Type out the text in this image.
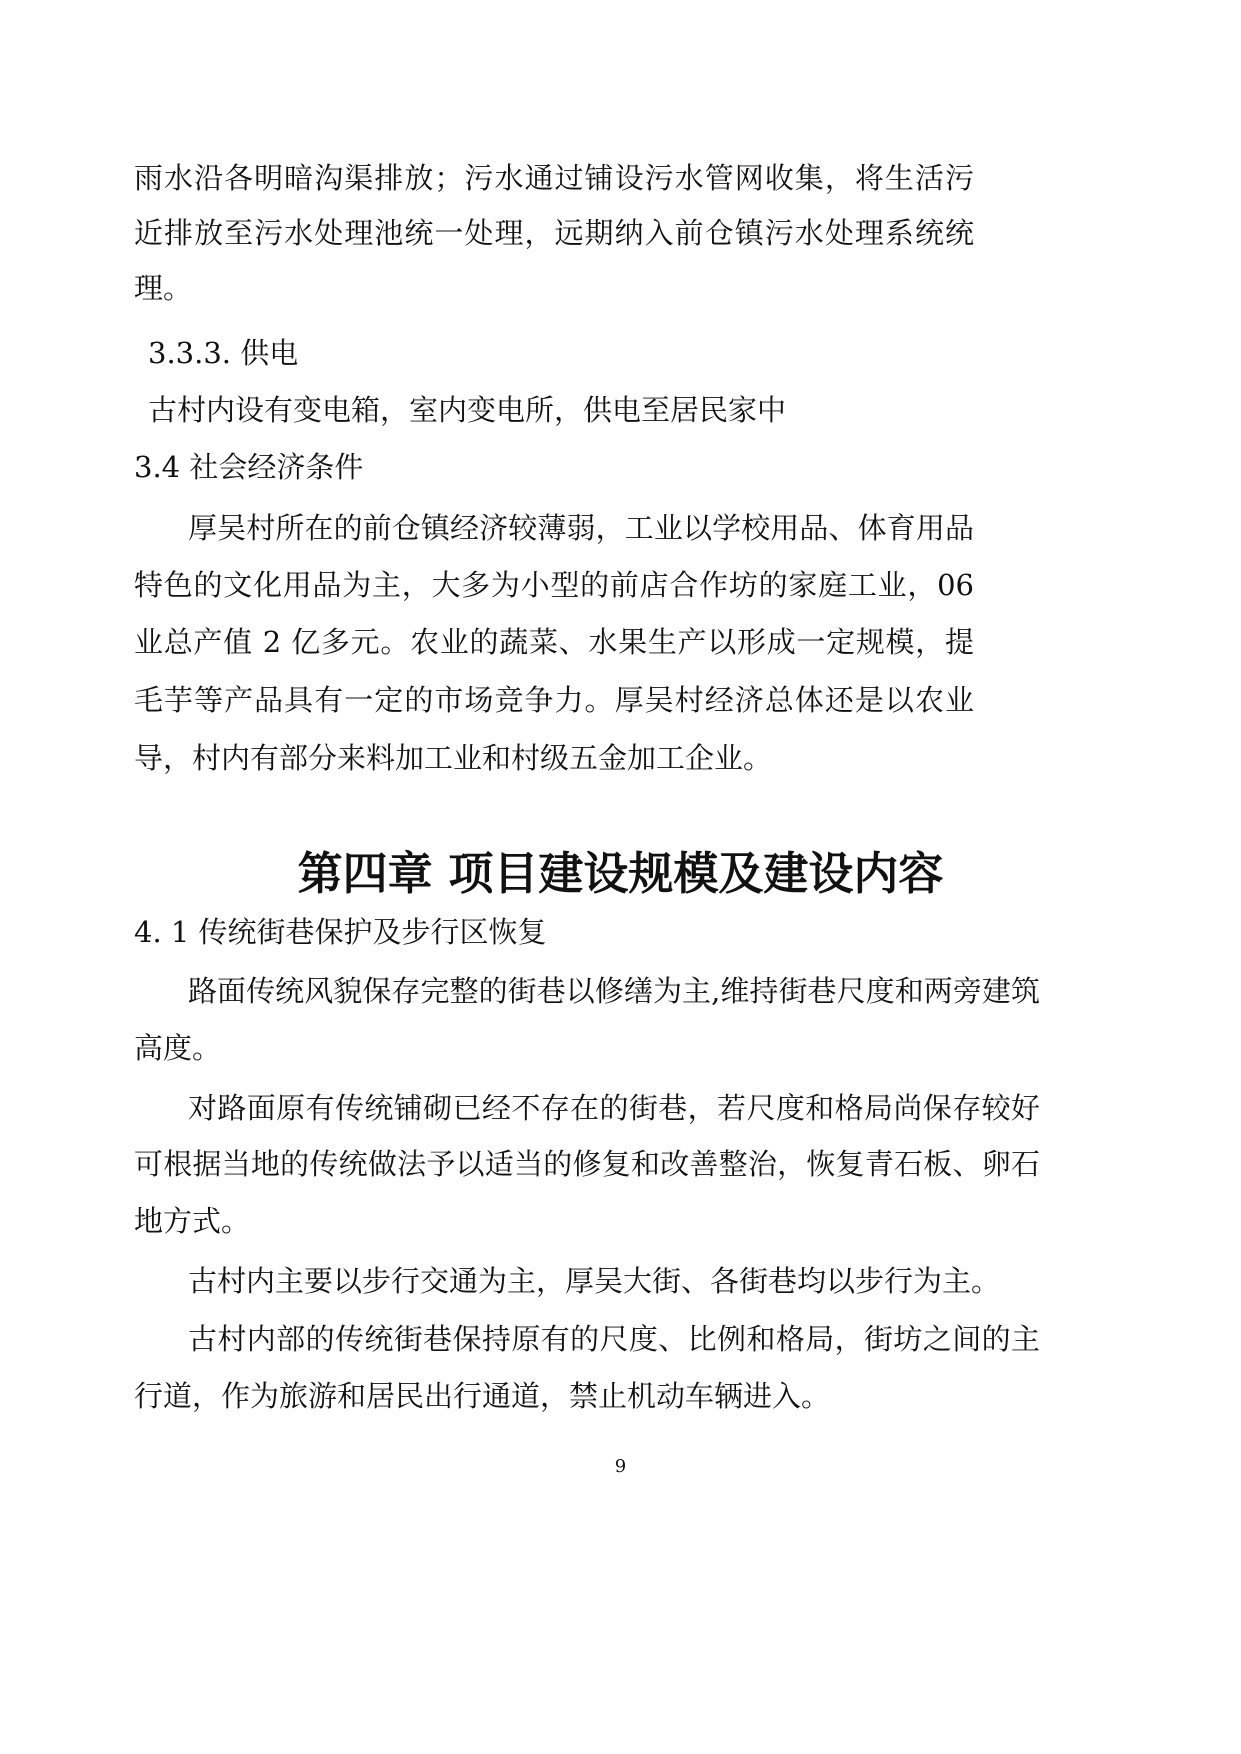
雨水沿各明暗沟渠排放；污水通过铺设污水管网收集，将生活污
近排放至污水处理池统一处理，远期纳入前仓镇污水处理系统统
理。
3.3.3. 供电
古村内设有变电箱，室内变电所，供电至居民家中
3.4 社会经济条件
厚吴村所在的前仓镇经济较薄弱，工业以学校用品、体育用品
特色的文化用品为主，大多为小型的前店合作坊的家庭工业，06
业总产值 2 亿多元。农业的蔬菜、水果生产以形成一定规模，提
毛芋等产品具有一定的市场竞争力。厚吴村经济总体还是以农业
导，村内有部分来料加工业和村级五金加工企业。
第四章 项目建设规模及建设内容
4. 1 传统街巷保护及步行区恢复
路面传统风貌保存完整的街巷以修缮为主,维持街巷尺度和两旁建筑
高度。
对路面原有传统铺砌已经不存在的街巷，若尺度和格局尚保存较好
可根据当地的传统做法予以适当的修复和改善整治，恢复青石板、卵石
地方式。
古村内主要以步行交通为主，厚吴大街、各街巷均以步行为主。
古村内部的传统街巷保持原有的尺度、比例和格局，街坊之间的主
行道，作为旅游和居民出行通道，禁止机动车辆进入。
9
